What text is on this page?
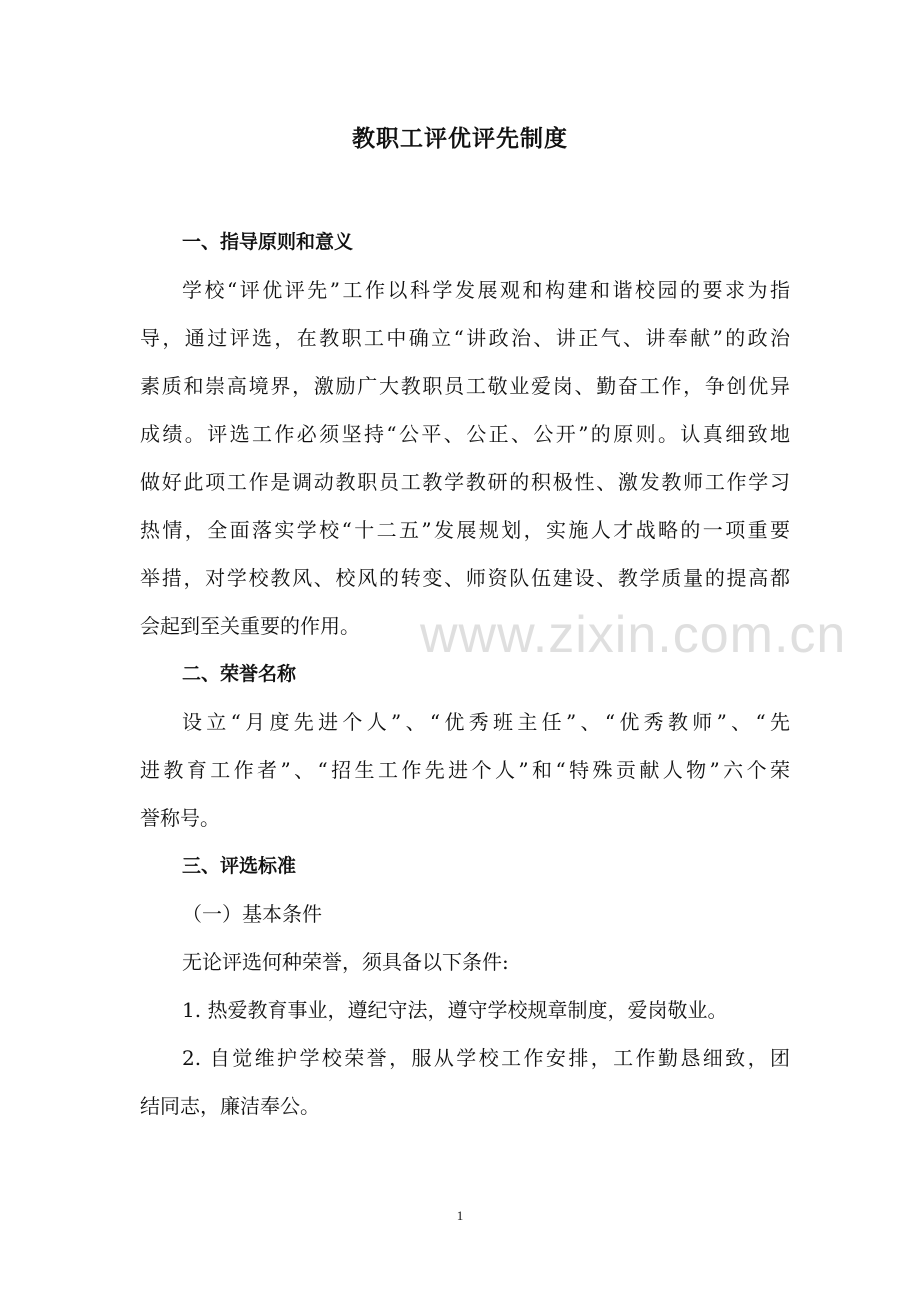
教职工评优评先制度
一、指导原则和意义
学校“评优评先”工作以科学发展观和构建和谐校园的要求为指
导，通过评选，在教职工中确立“讲政治、讲正气、讲奉献”的政治
素质和崇高境界，激励广大教职员工敬业爱岗、勤奋工作，争创优异
成绩。评选工作必须坚持“公平、公正、公开”的原则。认真细致地
做好此项工作是调动教职员工教学教研的积极性、激发教师工作学习
热情，全面落实学校“十二五”发展规划，实施人才战略的一项重要
举措，对学校教风、校风的转变、师资队伍建设、教学质量的提高都
会起到至关重要的作用。
二、荣誉名称
设立“月度先进个人”、“优秀班主任”、“优秀教师”、“先
进教育工作者”、“招生工作先进个人”和“特殊贡献人物”六个荣
誉称号。
三、评选标准
（一）基本条件
无论评选何种荣誉，须具备以下条件:
1. 热爱教育事业，遵纪守法，遵守学校规章制度，爱岗敬业。
2. 自觉维护学校荣誉，服从学校工作安排，工作勤恳细致，团
结同志，廉洁奉公。
www.zixin.com.cn
1
